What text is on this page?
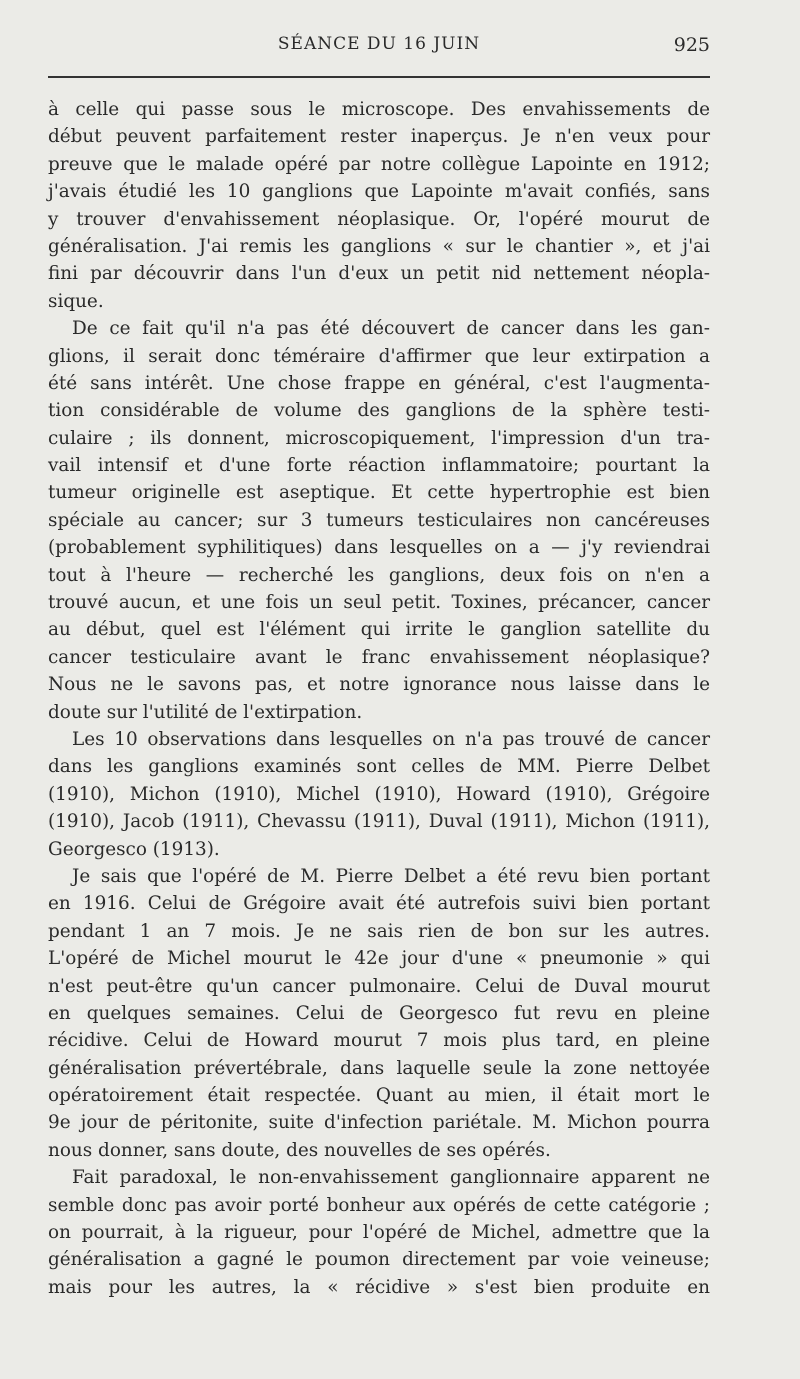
SÉANCE DU 16 JUIN	925
à celle qui passe sous le microscope. Des envahissements de
début peuvent parfaitement rester inaperçus. Je n'en veux pour
preuve que le malade opéré par notre collègue Lapointe en 1912;
j'avais étudié les 10 ganglions que Lapointe m'avait confiés, sans
y trouver d'envahissement néoplasique. Or, l'opéré mourut de
généralisation. J'ai remis les ganglions « sur le chantier », et j'ai
fini par découvrir dans l'un d'eux un petit nid nettement néopla-
sique.
De ce fait qu'il n'a pas été découvert de cancer dans les gan-
glions, il serait donc téméraire d'affirmer que leur extirpation a
été sans intérêt. Une chose frappe en général, c'est l'augmenta-
tion considérable de volume des ganglions de la sphère testi-
culaire ; ils donnent, microscopiquement, l'impression d'un tra-
vail intensif et d'une forte réaction inflammatoire; pourtant la
tumeur originelle est aseptique. Et cette hypertrophie est bien
spéciale au cancer; sur 3 tumeurs testiculaires non cancéreuses
(probablement syphilitiques) dans lesquelles on a — j'y reviendrai
tout à l'heure — recherché les ganglions, deux fois on n'en a
trouvé aucun, et une fois un seul petit. Toxines, précancer, cancer
au début, quel est l'élément qui irrite le ganglion satellite du
cancer testiculaire avant le franc envahissement néoplasique?
Nous ne le savons pas, et notre ignorance nous laisse dans le
doute sur l'utilité de l'extirpation.
Les 10 observations dans lesquelles on n'a pas trouvé de cancer
dans les ganglions examinés sont celles de MM. Pierre Delbet
(1910), Michon (1910), Michel (1910), Howard (1910), Grégoire
(1910), Jacob (1911), Chevassu (1911), Duval (1911), Michon (1911),
Georgesco (1913).
Je sais que l'opéré de M. Pierre Delbet a été revu bien portant
en 1916. Celui de Grégoire avait été autrefois suivi bien portant
pendant 1 an 7 mois. Je ne sais rien de bon sur les autres.
L'opéré de Michel mourut le 42e jour d'une « pneumonie » qui
n'est peut-être qu'un cancer pulmonaire. Celui de Duval mourut
en quelques semaines. Celui de Georgesco fut revu en pleine
récidive. Celui de Howard mourut 7 mois plus tard, en pleine
généralisation prévertébrale, dans laquelle seule la zone nettoyée
opératoirement était respectée. Quant au mien, il était mort le
9e jour de péritonite, suite d'infection pariétale. M. Michon pourra
nous donner, sans doute, des nouvelles de ses opérés.
Fait paradoxal, le non-envahissement ganglionnaire apparent ne
semble donc pas avoir porté bonheur aux opérés de cette catégorie ;
on pourrait, à la rigueur, pour l'opéré de Michel, admettre que la
généralisation a gagné le poumon directement par voie veineuse;
mais pour les autres, la « récidive » s'est bien produite en
